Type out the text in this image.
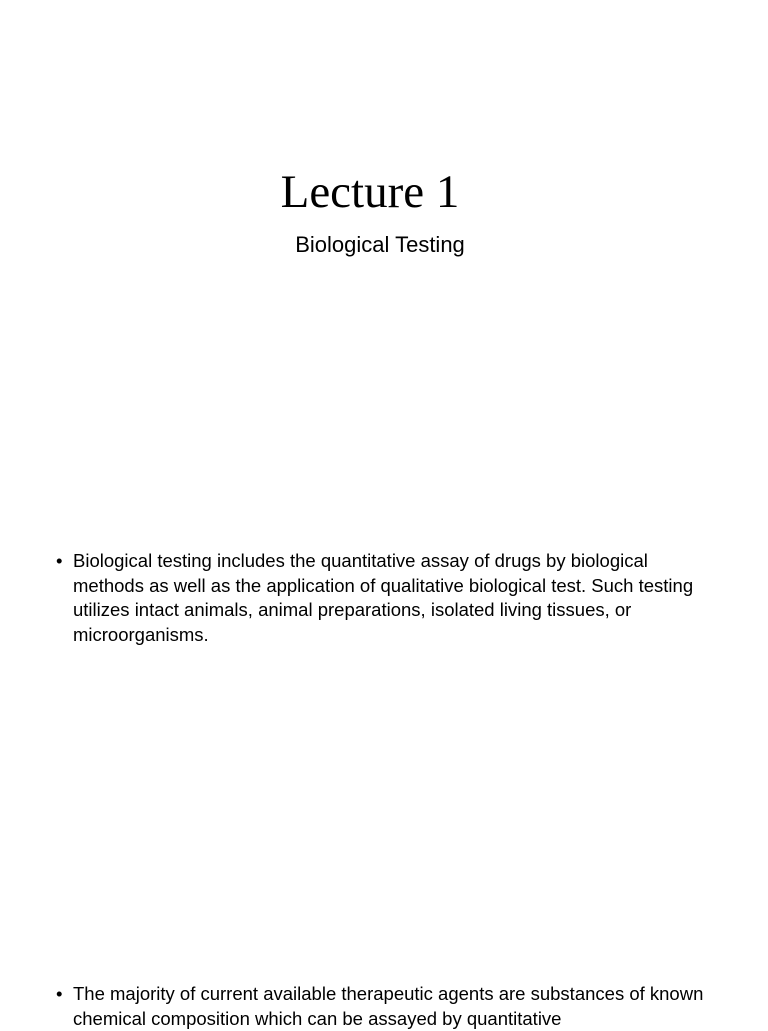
Lecture 1

Biological Testing

• Biological testing includes the quantitative assay of drugs by biological methods as well as the application of qualitative biological test. Such testing utilizes intact animals, animal preparations, isolated living tissues, or microorganisms.
• The majority of current available therapeutic agents are substances of known chemical composition which can be assayed by quantitative
